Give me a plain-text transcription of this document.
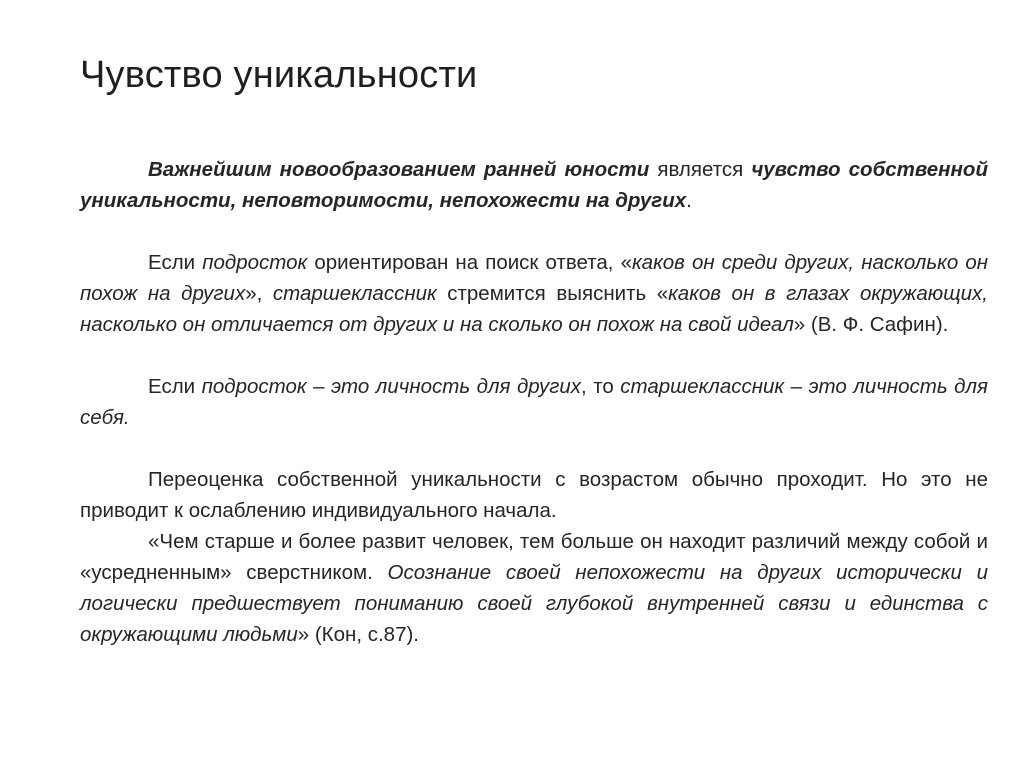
Чувство уникальности

Важнейшим новообразованием ранней юности является чувство собственной уникальности, неповторимости, непохожести на других.

Если подросток ориентирован на поиск ответа, «каков он среди других, насколько он похож на других», старшеклассник стремится выяснить «каков он в глазах окружающих, насколько он отличается от других и на сколько он похож на свой идеал» (В. Ф. Сафин).

Если подросток – это личность для других, то старшеклассник – это личность для себя.

Переоценка собственной уникальности с возрастом обычно проходит. Но это не приводит к ослаблению индивидуального начала.

«Чем старше и более развит человек, тем больше он находит различий между собой и «усредненным» сверстником. Осознание своей непохожести на других исторически и логически предшествует пониманию своей глубокой внутренней связи и единства с окружающими людьми» (Кон, с.87).
